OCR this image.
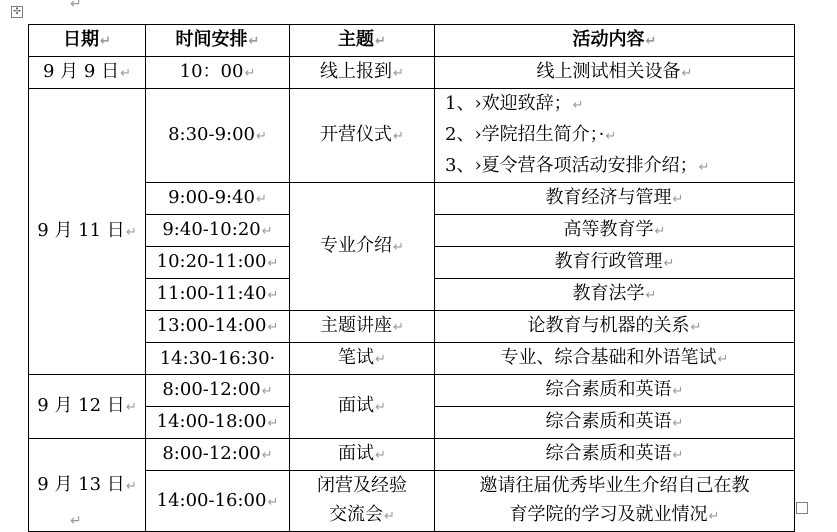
✣	↵
日期↵	时间安排↵	主题↵	活动内容↵
9 月 9 日↵	10：00↵	线上报到↵	线上测试相关设备↵
9 月 11 日↵	8:30-9:00↵	开营仪式↵	1、›欢迎致辞；↵
2、›学院招生简介；·↵
3、›夏令营各项活动安排介绍；↵

	9:00-9:40↵	专业介绍↵	教育经济与管理↵
	9:40-10:20↵		高等教育学↵
	10:20-11:00↵		教育行政管理↵
	11:00-11:40↵		教育法学↵
	13:00-14:00↵	主题讲座↵	论教育与机器的关系↵
	14:30-16:30·	笔试↵	专业、综合基础和外语笔试↵
9 月 12 日↵	8:00-12:00↵	面试↵	综合素质和英语↵
	14:00-18:00↵		综合素质和英语↵
9 月 13 日↵	8:00-12:00↵	面试↵	综合素质和英语↵
	14:00-16:00↵	闭营及经验
交流会↵	邀请往届优秀毕业生介绍自己在教
育学院的学习及就业情况↵
↵
